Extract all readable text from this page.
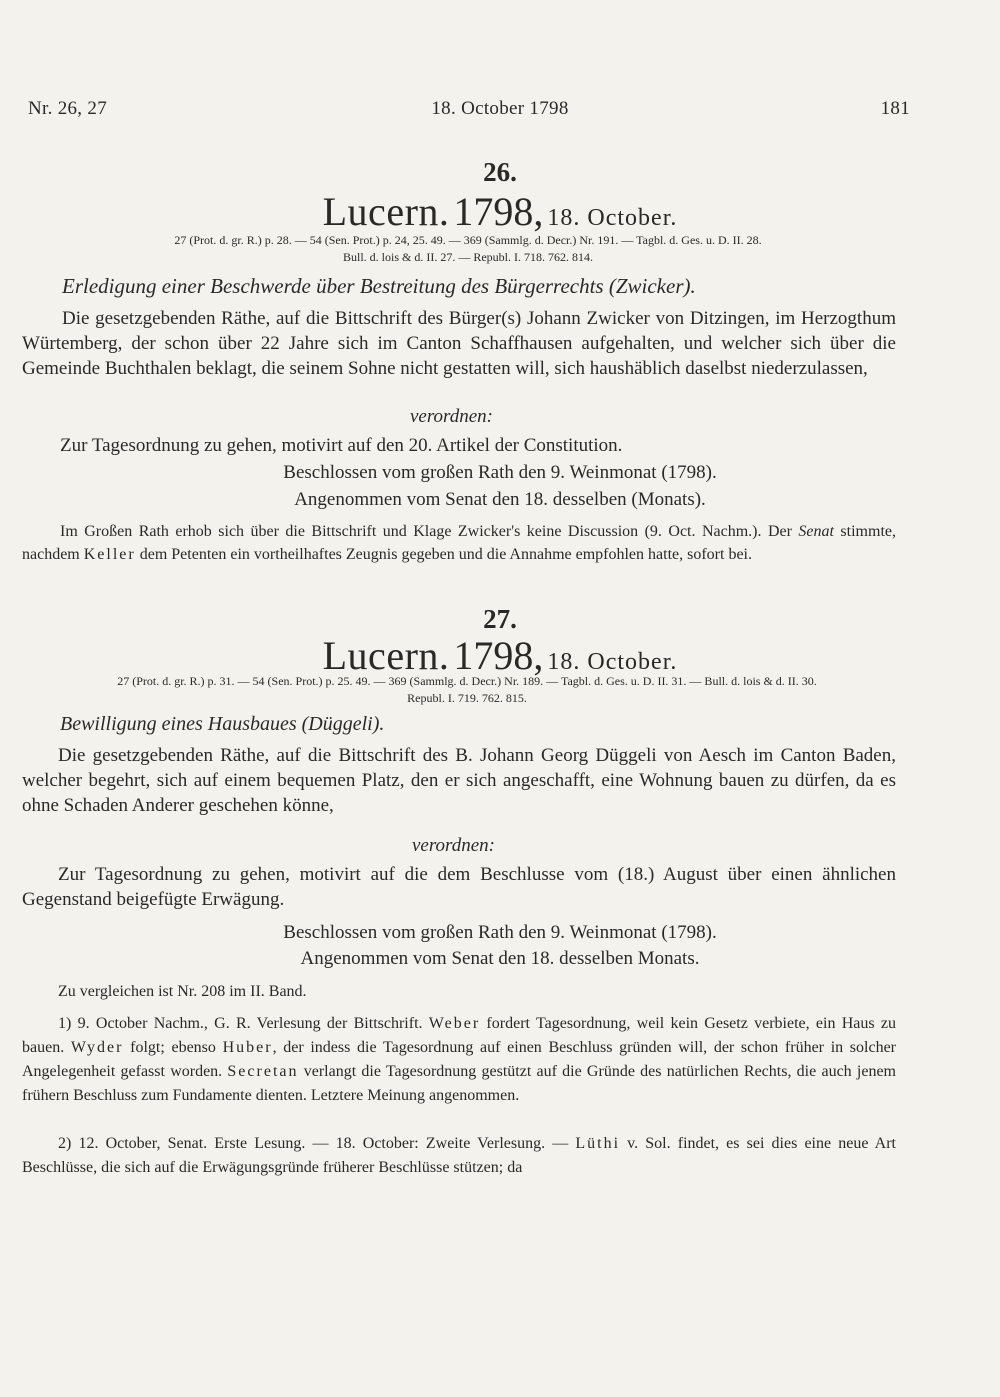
Nr. 26, 27	18. October 1798	181
26.
Lucern. 1798, 18. October.

27 (Prot. d. gr. R.) p. 28. — 54 (Sen. Prot.) p. 24, 25. 49. — 369 (Sammlg. d. Decr.) Nr. 191. — Tagbl. d. Ges. u. D. II. 28.

Bull. d. lois & d. II. 27. — Republ. I. 718. 762. 814.

Erledigung einer Beschwerde über Bestreitung des Bürgerrechts (Zwicker).

Die gesetzgebenden Räthe, auf die Bittschrift des Bürger(s) Johann Zwicker von Ditzingen, im Herzogthum Würtemberg, der schon über 22 Jahre sich im Canton Schaffhausen aufgehalten, und welcher sich über die Gemeinde Buchthalen beklagt, die seinem Sohne nicht gestatten will, sich haushäblich daselbst niederzulassen,

verordnen:

Zur Tagesordnung zu gehen, motivirt auf den 20. Artikel der Constitution.

Beschlossen vom großen Rath den 9. Weinmonat (1798).
Angenommen vom Senat den 18. desselben (Monats).

Im Großen Rath erhob sich über die Bittschrift und Klage Zwicker's keine Discussion (9. Oct. Nachm.). Der Senat stimmte, nachdem Keller dem Petenten ein vortheilhaftes Zeugnis gegeben und die Annahme empfohlen hatte, sofort bei.

27.
Lucern. 1798, 18. October.

27 (Prot. d. gr. R.) p. 31. — 54 (Sen. Prot.) p. 25. 49. — 369 (Sammlg. d. Decr.) Nr. 189. — Tagbl. d. Ges. u. D. II. 31. — Bull. d. lois & d. II. 30.

Republ. I. 719. 762. 815.

Bewilligung eines Hausbaues (Düggeli).

Die gesetzgebenden Räthe, auf die Bittschrift des B. Johann Georg Düggeli von Aesch im Canton Baden, welcher begehrt, sich auf einem bequemen Platz, den er sich angeschafft, eine Wohnung bauen zu dürfen, da es ohne Schaden Anderer geschehen könne,

verordnen:

Zur Tagesordnung zu gehen, motivirt auf die dem Beschlusse vom (18.) August über einen ähnlichen Gegenstand beigefügte Erwägung.

Beschlossen vom großen Rath den 9. Weinmonat (1798).
Angenommen vom Senat den 18. desselben Monats.
Zu vergleichen ist Nr. 208 im II. Band.

1) 9. October Nachm., G. R. Verlesung der Bittschrift. Weber fordert Tagesordnung, weil kein Gesetz verbiete, ein Haus zu bauen. Wyder folgt; ebenso Huber, der indess die Tagesordnung auf einen Beschluss gründen will, der schon früher in solcher Angelegenheit gefasst worden. Secretan verlangt die Tagesordnung gestützt auf die Gründe des natürlichen Rechts, die auch jenem frühern Beschluss zum Fundamente dienten. Letztere Meinung angenommen.

2) 12. October, Senat. Erste Lesung. — 18. October: Zweite Verlesung. — Lüthi v. Sol. findet, es sei dies eine neue Art Beschlüsse, die sich auf die Erwägungsgründe früherer Beschlüsse stützen; da
